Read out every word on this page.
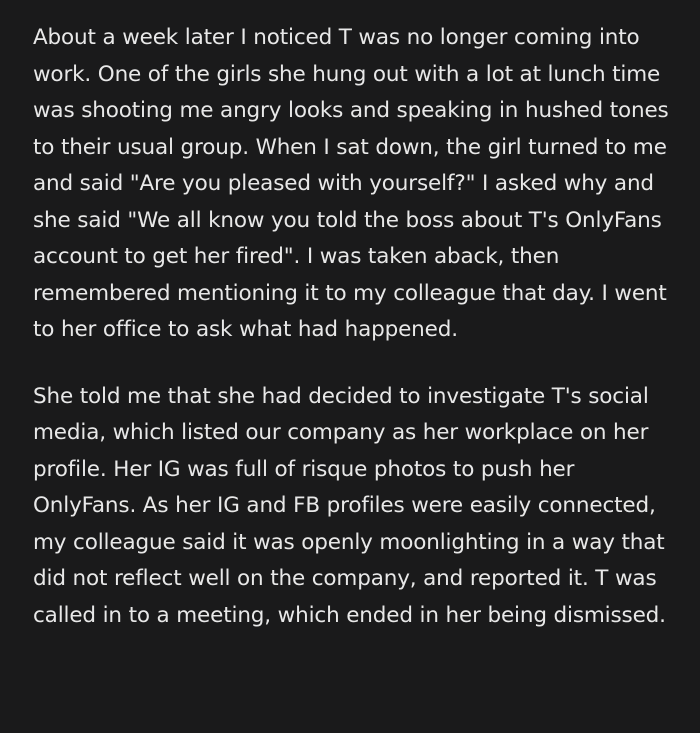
About a week later I noticed T was no longer coming into work. One of the girls she hung out with a lot at lunch time was shooting me angry looks and speaking in hushed tones to their usual group. When I sat down, the girl turned to me and said "Are you pleased with yourself?" I asked why and she said "We all know you told the boss about T's OnlyFans account to get her fired". I was taken aback, then remembered mentioning it to my colleague that day. I went to her office to ask what had happened.

She told me that she had decided to investigate T's social media, which listed our company as her workplace on her profile. Her IG was full of risque photos to push her OnlyFans. As her IG and FB profiles were easily connected, my colleague said it was openly moonlighting in a way that did not reflect well on the company, and reported it. T was called in to a meeting, which ended in her being dismissed.
